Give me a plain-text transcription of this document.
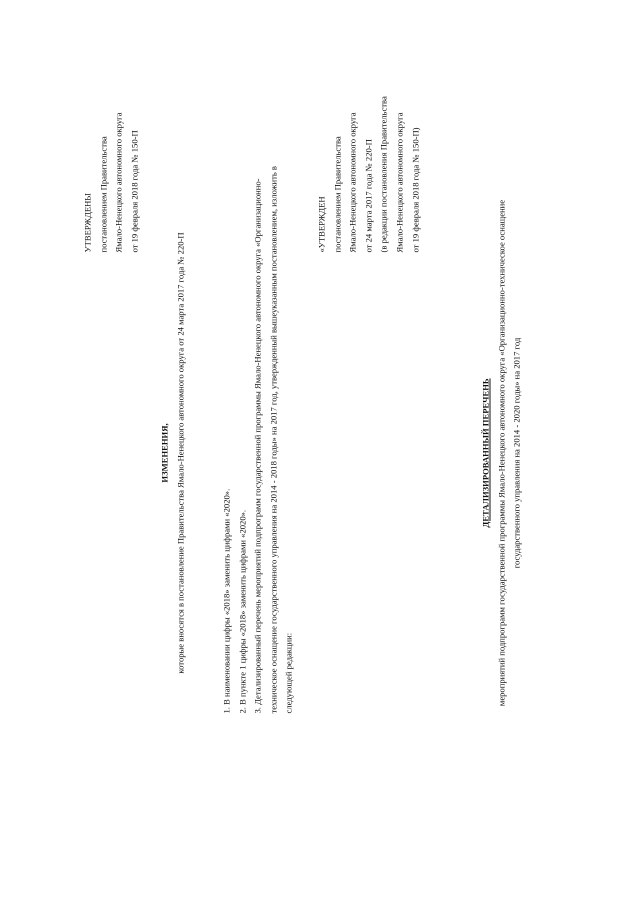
УТВЕРЖДЕНЫ постановлением Правительства Ямало-Ненецкого автономного округа от 19 февраля 2018 года № 150-П
ИЗМЕНЕНИЯ, которые вносятся в постановление Правительства Ямало-Ненецкого автономного округа от 24 марта 2017 года № 220-П	1. В наименовании цифры «2018» заменить цифрами «2020». 2. В пункте 1 цифры «2018» заменить цифрами «2020». 3. Детализированный перечень мероприятий подпрограмм государственной программы Ямало-Ненецкого автономного округа «Организационно- техническое оснащение государственного управления на 2014 - 2018 годы» на 2017 год, утвержденный вышеуказанным постановлением, изложить в следующей редакции:
«УТВЕРЖДЕН постановлением Правительства Ямало-Ненецкого автономного округа от 24 марта 2017 года № 220-П (в редакции постановления Правительства Ямало-Ненецкого автономного округа от 19 февраля 2018 года № 150-П)
ДЕТАЛИЗИРОВАННЫЙ ПЕРЕЧЕНЬ мероприятий подпрограмм государственной программы Ямало-Ненецкого автономного округа «Организационно-техническое оснащение государственного управления на 2014 - 2020 годы» на 2017 год
